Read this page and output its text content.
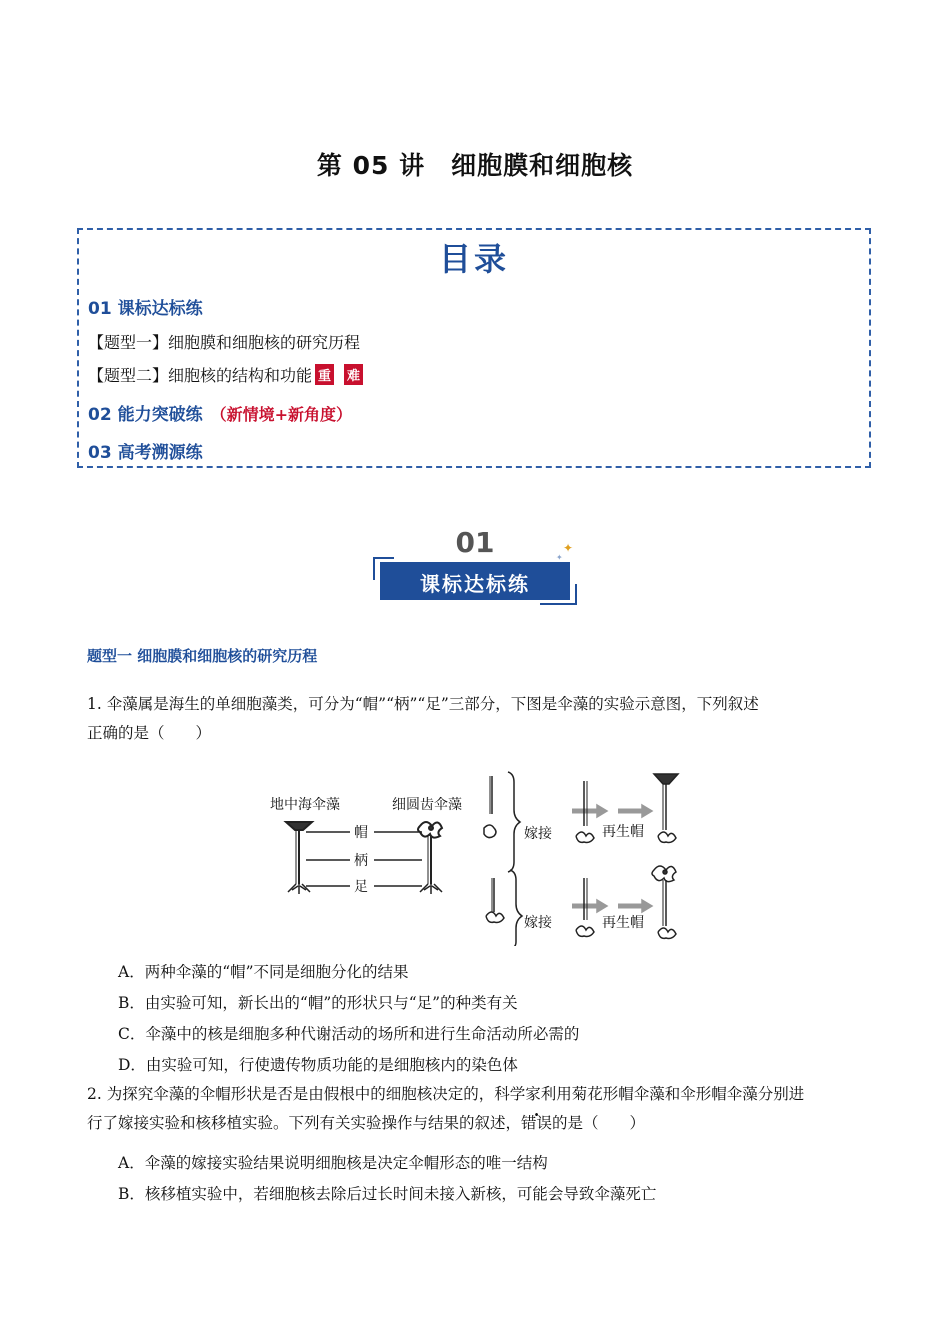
第 05 讲　细胞膜和细胞核
目录
01 课标达标练
【题型一】细胞膜和细胞核的研究历程
【题型二】细胞核的结构和功能 重 难
02 能力突破练 （新情境+新角度）
03 高考溯源练
✦
✦
01
课标达标练
题型一 细胞膜和细胞核的研究历程
1. 伞藻属是海生的单细胞藻类，可分为“帽”“柄”“足”三部分，下图是伞藻的实验示意图，下列叙述
正确的是（　　）
地中海伞藻	细圆齿伞藻
帽
柄
足
嫁接	再生帽
嫁接	再生帽
A．两种伞藻的“帽”不同是细胞分化的结果
B．由实验可知，新长出的“帽”的形状只与“足”的种类有关
C．伞藻中的核是细胞多种代谢活动的场所和进行生命活动所必需的
D．由实验可知，行使遗传物质功能的是细胞核内的染色体
2. 为探究伞藻的伞帽形状是否是由假根中的细胞核决定的，科学家利用菊花形帽伞藻和伞形帽伞藻分别进
行了嫁接实验和核移植实验。下列有关实验操作与结果的叙述，错误的是（　　）
A．伞藻的嫁接实验结果说明细胞核是决定伞帽形态的唯一结构
B．核移植实验中，若细胞核去除后过长时间未接入新核，可能会导致伞藻死亡
